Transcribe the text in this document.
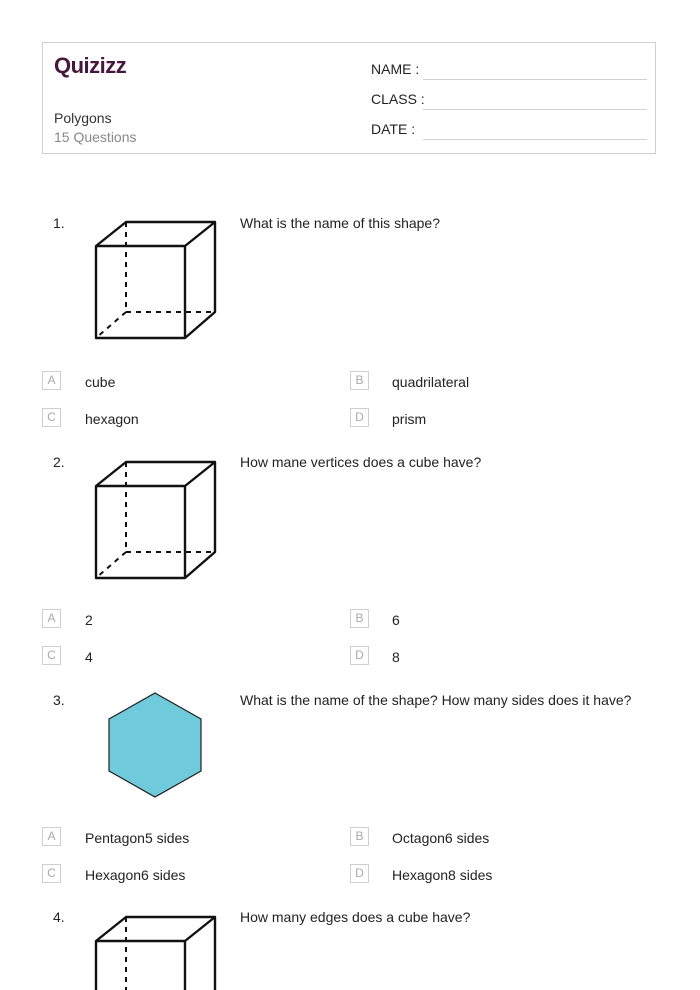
Quizizz
Polygons
15 Questions
NAME :
CLASS :
DATE :
1.	What is the name of this shape?
A	cube	B	quadrilateral
C	hexagon	D	prism
2.	How mane vertices does a cube have?
A	2	B	6
C	4	D	8
3.	What is the name of the shape? How many sides does it have?
A	Pentagon5 sides	B	Octagon6 sides
C	Hexagon6 sides	D	Hexagon8 sides
4.	How many edges does a cube have?
